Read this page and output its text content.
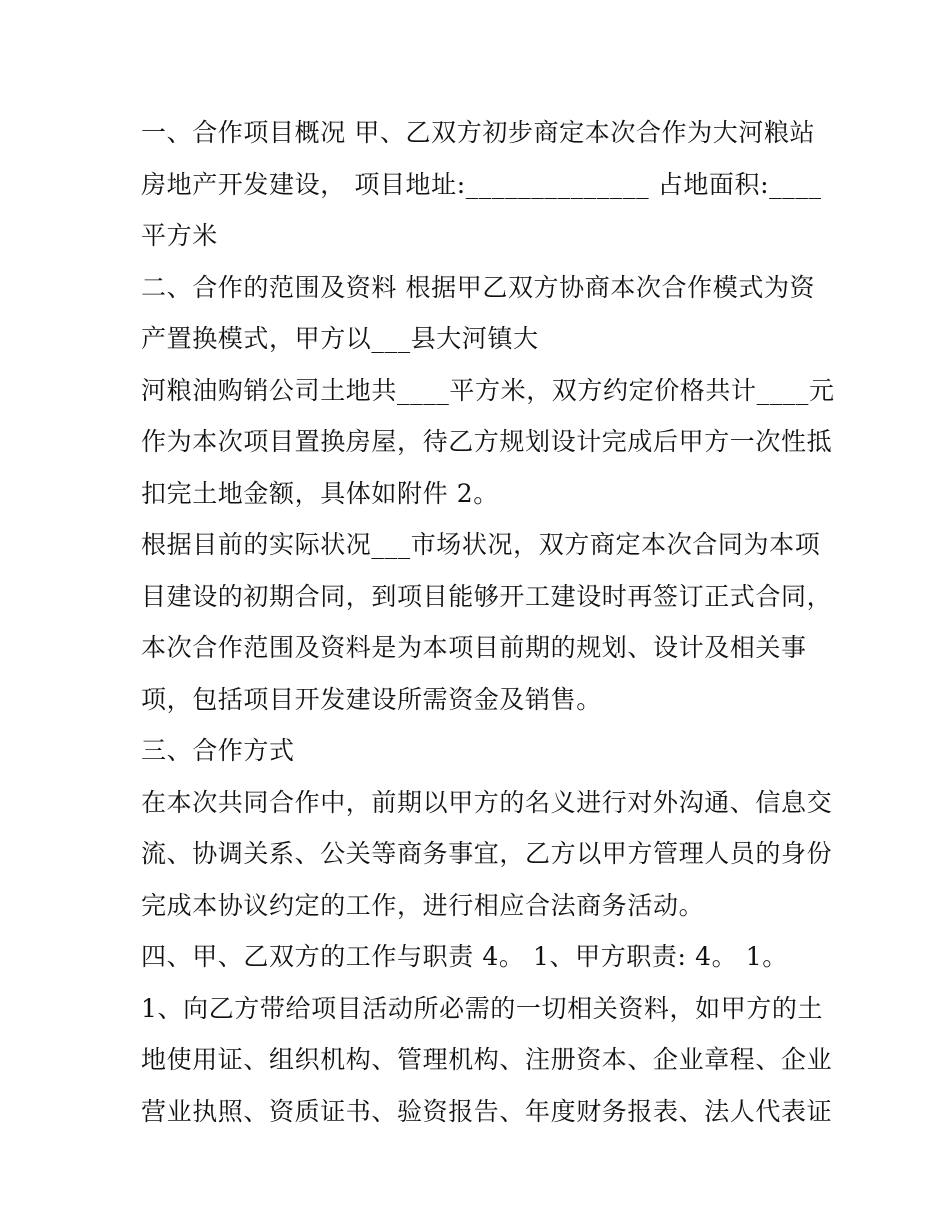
一、合作项目概况 甲、乙双方初步商定本次合作为大河粮站
房地产开发建设， 项目地址:______________ 占地面积:____
平方米
二、合作的范围及资料 根据甲乙双方协商本次合作模式为资
产置换模式，甲方以___县大河镇大
河粮油购销公司土地共____平方米，双方约定价格共计____元
作为本次项目置换房屋，待乙方规划设计完成后甲方一次性抵
扣完土地金额，具体如附件 2。
根据目前的实际状况___市场状况，双方商定本次合同为本项
目建设的初期合同，到项目能够开工建设时再签订正式合同，
本次合作范围及资料是为本项目前期的规划、设计及相关事
项，包括项目开发建设所需资金及销售。
三、合作方式
在本次共同合作中，前期以甲方的名义进行对外沟通、信息交
流、协调关系、公关等商务事宜，乙方以甲方管理人员的身份
完成本协议约定的工作，进行相应合法商务活动。
四、甲、乙双方的工作与职责 4。 1、甲方职责: 4。 1。
1、向乙方带给项目活动所必需的一切相关资料，如甲方的土
地使用证、组织机构、管理机构、注册资本、企业章程、企业
营业执照、资质证书、验资报告、年度财务报表、法人代表证
